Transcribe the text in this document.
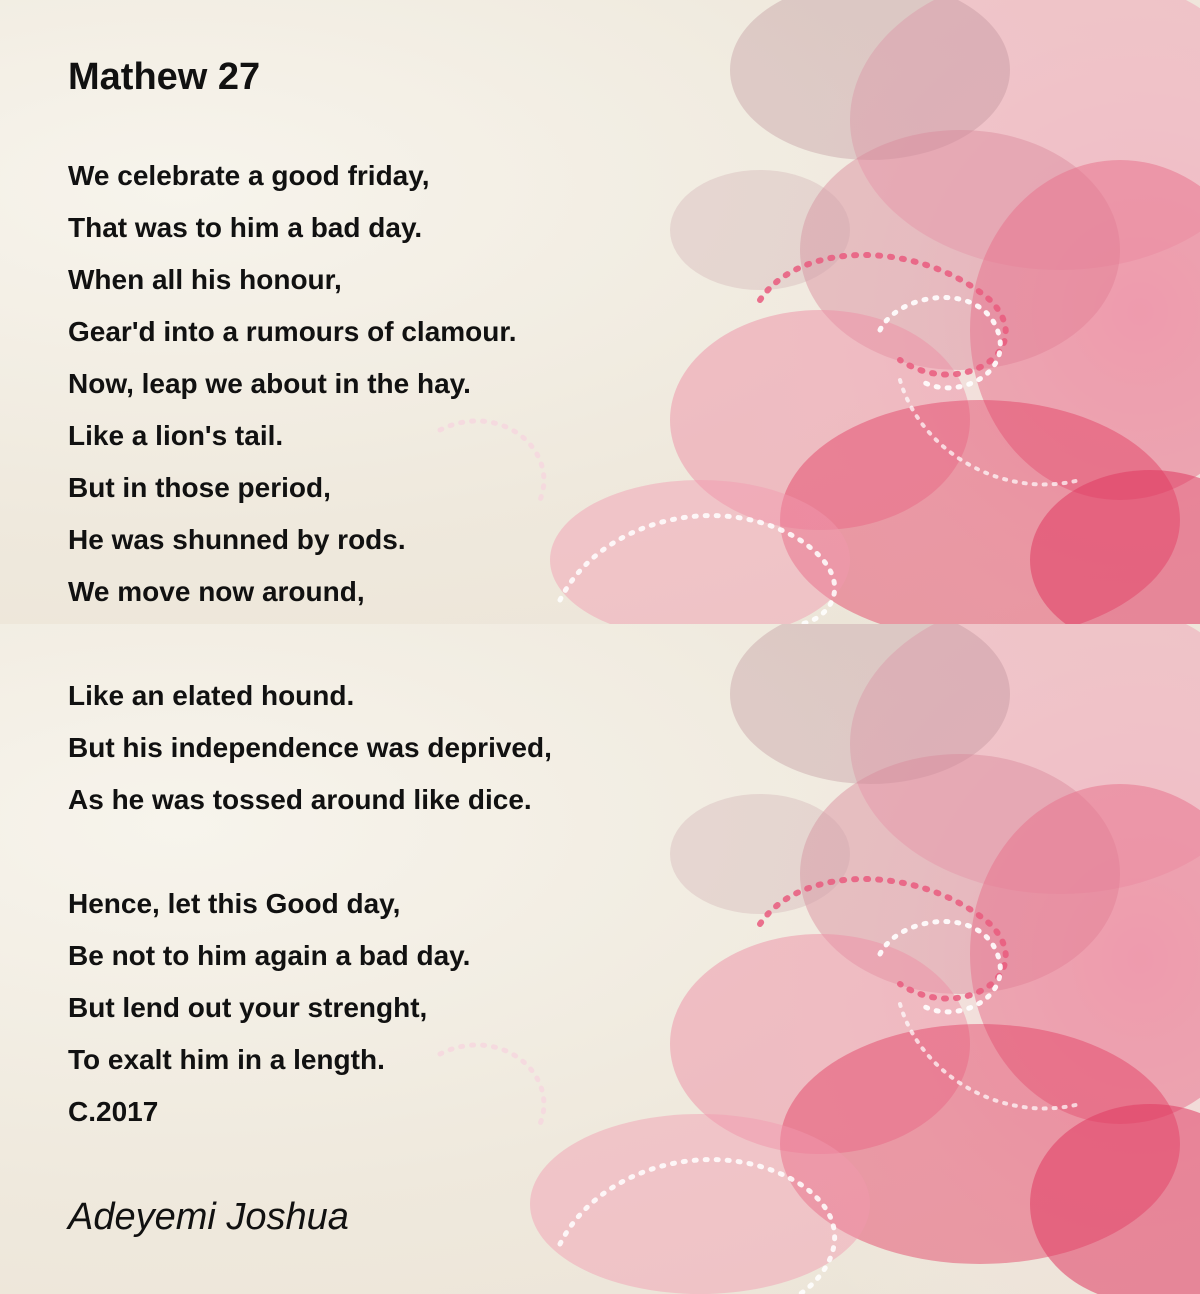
Mathew 27
We celebrate a good friday,
That was to him a bad day.
When all his honour,
Gear'd into a rumours of clamour.
Now, leap we about in the hay.
Like a lion's tail.
But in those period,
He was shunned by rods.
We move now around,
Like an elated hound.
But his independence was deprived,
As he was tossed around like dice.
Hence, let this Good day,
Be not to him again a bad day.
But lend out your strenght,
To exalt him in a length.
C.2017

Adeyemi Joshua
